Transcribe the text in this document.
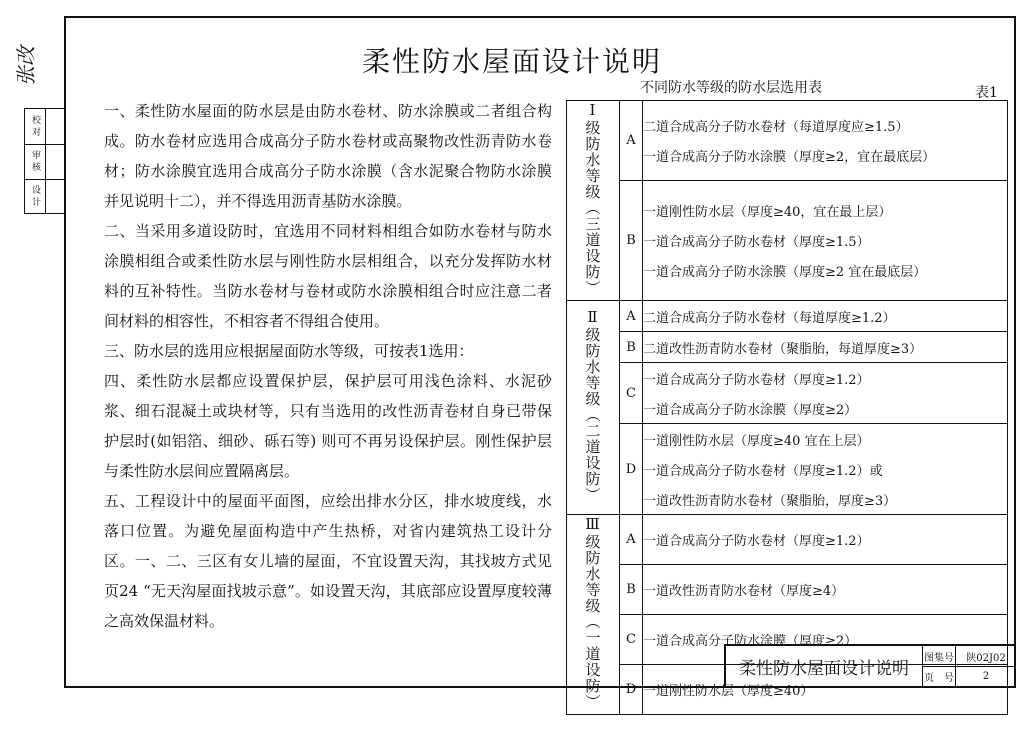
张改
校
对
审
核
设
计
柔性防水屋面设计说明

一、柔性防水屋面的防水层是由防水卷材、防水涂膜或二者组合构成。防水卷材应选用合成高分子防水卷材或高聚物改性沥青防水卷材；防水涂膜宜选用合成高分子防水涂膜（含水泥聚合物防水涂膜并见说明十二），并不得选用沥青基防水涂膜。

二、当采用多道设防时，宜选用不同材料相组合如防水卷材与防水涂膜相组合或柔性防水层与刚性防水层相组合，以充分发挥防水材料的互补特性。当防水卷材与卷材或防水涂膜相组合时应注意二者间材料的相容性，不相容者不得组合使用。

三、防水层的选用应根据屋面防水等级，可按表1选用：

四、柔性防水层都应设置保护层，保护层可用浅色涂料、水泥砂浆、细石混凝土或块材等，只有当选用的改性沥青卷材自身已带保护层时(如铝箔、细砂、砾石等) 则可不再另设保护层。刚性保护层与柔性防水层间应置隔离层。

五、工程设计中的屋面平面图，应绘出排水分区，排水坡度线，水落口位置。为避免屋面构造中产生热桥，对省内建筑热工设计分区。一、二、三区有女儿墙的屋面，不宜设置天沟，其找坡方式见页24 “无天沟屋面找坡示意”。如设置天沟，其底部应设置厚度较薄之高效保温材料。

不同防水等级的防水层选用表	表1
Ⅰ级防水等级（三道设防）	A	二道合成高分子防水卷材（每道厚度应≥1.5）
一道合成高分子防水涂膜（厚度≥2，宜在最底层）

	B	一道刚性防水层（厚度≥40，宜在最上层）
一道合成高分子防水卷材（厚度≥1.5）
一道合成高分子防水涂膜（厚度≥2 宜在最底层）

Ⅱ级防水等级（二道设防）	A	二道合成高分子防水卷材（每道厚度≥1.2）

	B	二道改性沥青防水卷材（聚脂胎，每道厚度≥3）

	C	一道合成高分子防水卷材（厚度≥1.2）
一道合成高分子防水涂膜（厚度≥2）

	D	一道刚性防水层（厚度≥40 宜在上层）
一道合成高分子防水卷材（厚度≥1.2）或
一道改性沥青防水卷材（聚脂胎，厚度≥3）

Ⅲ级防水等级（一道设防）	A	一道合成高分子防水卷材（厚度≥1.2）

	B	一道改性沥青防水卷材（厚度≥4）

	C	一道合成高分子防水涂膜（厚度≥2）

	D	一道刚性防水层（厚度≥40）
柔性防水屋面设计说明
图集号	陕02J02
页　号	2
